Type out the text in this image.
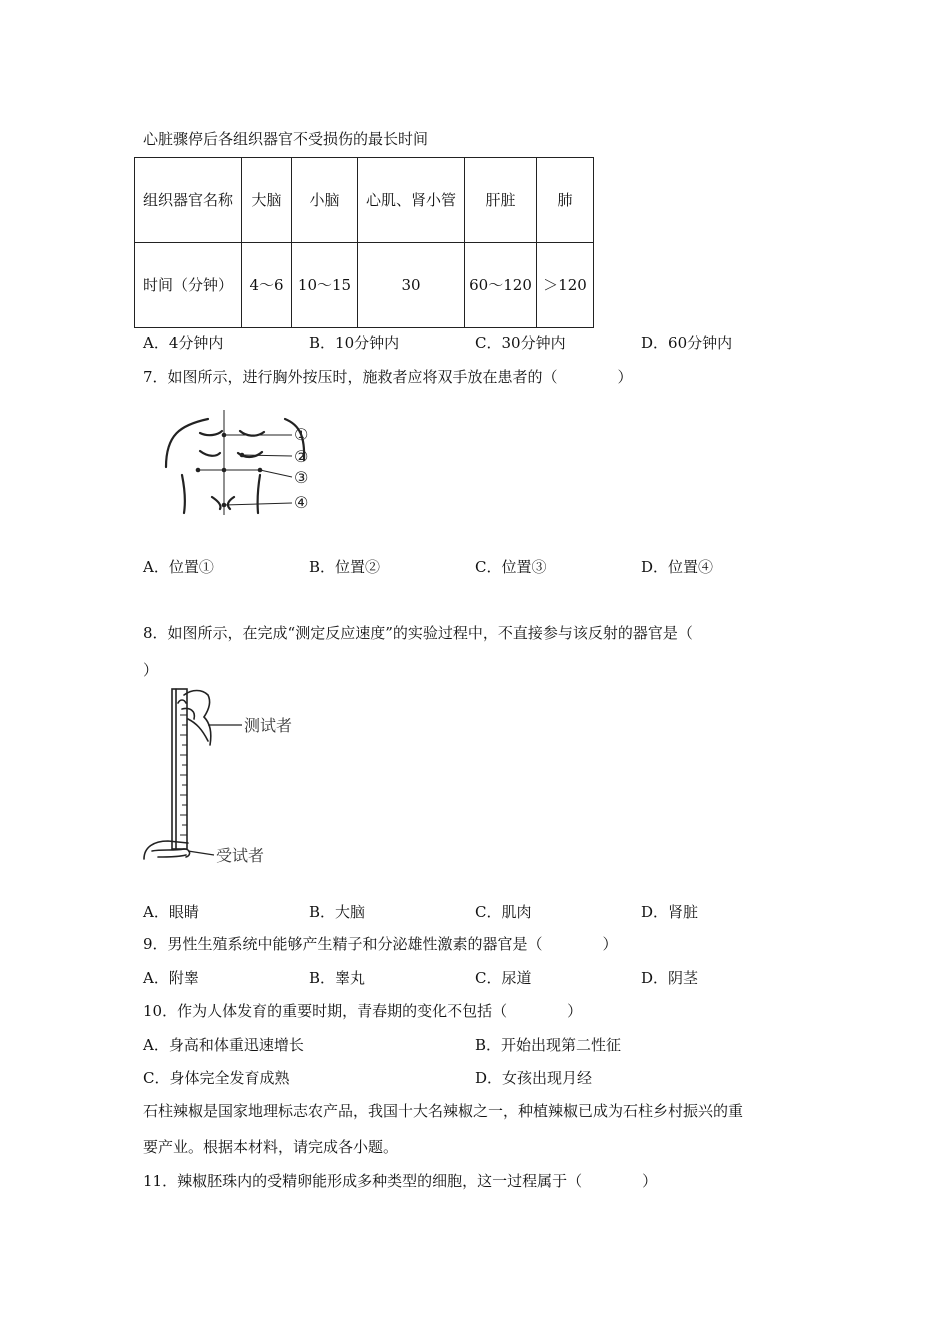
心脏骤停后各组织器官不受损伤的最长时间
组织器官名称	大脑	小脑	心肌、肾小管	肝脏	肺
时间（分钟）	4～6	10～15	30	60～120	＞120
A．4分钟内	B．10分钟内	C．30分钟内	D．60分钟内
7．如图所示，进行胸外按压时，施救者应将双手放在患者的（　　　　）
①
②
③
④
A．位置①	B．位置②	C．位置③	D．位置④
8．如图所示，在完成“测定反应速度”的实验过程中，不直接参与该反射的器官是（
）
测试者
受试者
A．眼睛	B．大脑	C．肌肉	D．肾脏
9．男性生殖系统中能够产生精子和分泌雄性激素的器官是（　　　　）
A．附睾	B．睾丸	C．尿道	D．阴茎
10．作为人体发育的重要时期，青春期的变化不包括（　　　　）
A．身高和体重迅速增长	B．开始出现第二性征
C．身体完全发育成熟	D．女孩出现月经
石柱辣椒是国家地理标志农产品，我国十大名辣椒之一，种植辣椒已成为石柱乡村振兴的重
要产业。根据本材料，请完成各小题。
11．辣椒胚珠内的受精卵能形成多种类型的细胞，这一过程属于（　　　　）
